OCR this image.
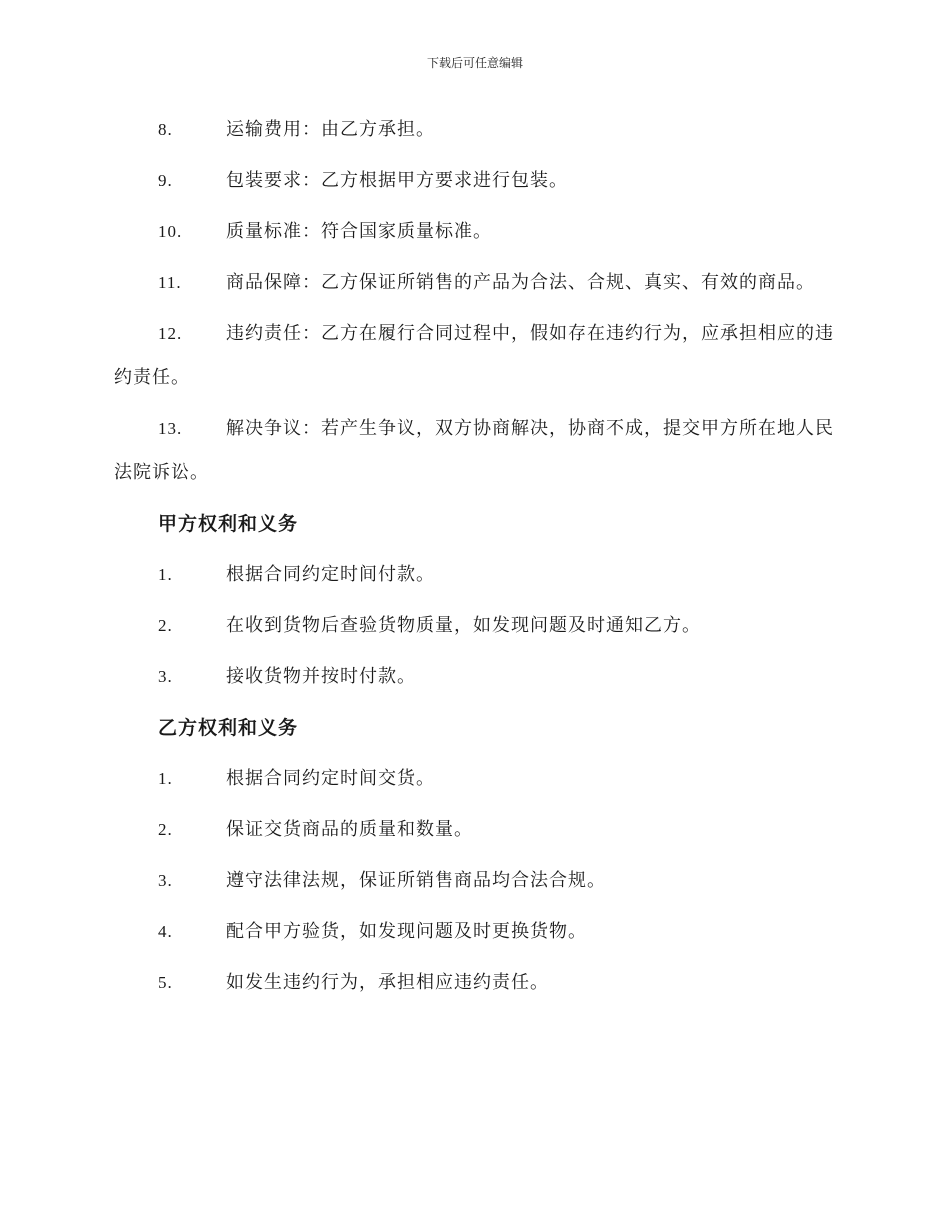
下载后可任意编辑
8.	运输费用：由乙方承担。
9.	包装要求：乙方根据甲方要求进行包装。
10. 质量标准：符合国家质量标准。
11. 商品保障：乙方保证所销售的产品为合法、合规、真实、有效的商品。
12. 违约责任：乙方在履行合同过程中，假如存在违约行为，应承担相应的违约责任。
13. 解决争议：若产生争议，双方协商解决，协商不成，提交甲方所在地人民法院诉讼。
甲方权利和义务
1.	根据合同约定时间付款。
2.	在收到货物后查验货物质量，如发现问题及时通知乙方。
3.	接收货物并按时付款。
乙方权利和义务
1.	根据合同约定时间交货。
2.	保证交货商品的质量和数量。
3.	遵守法律法规，保证所销售商品均合法合规。
4.	配合甲方验货，如发现问题及时更换货物。
5.	如发生违约行为，承担相应违约责任。
